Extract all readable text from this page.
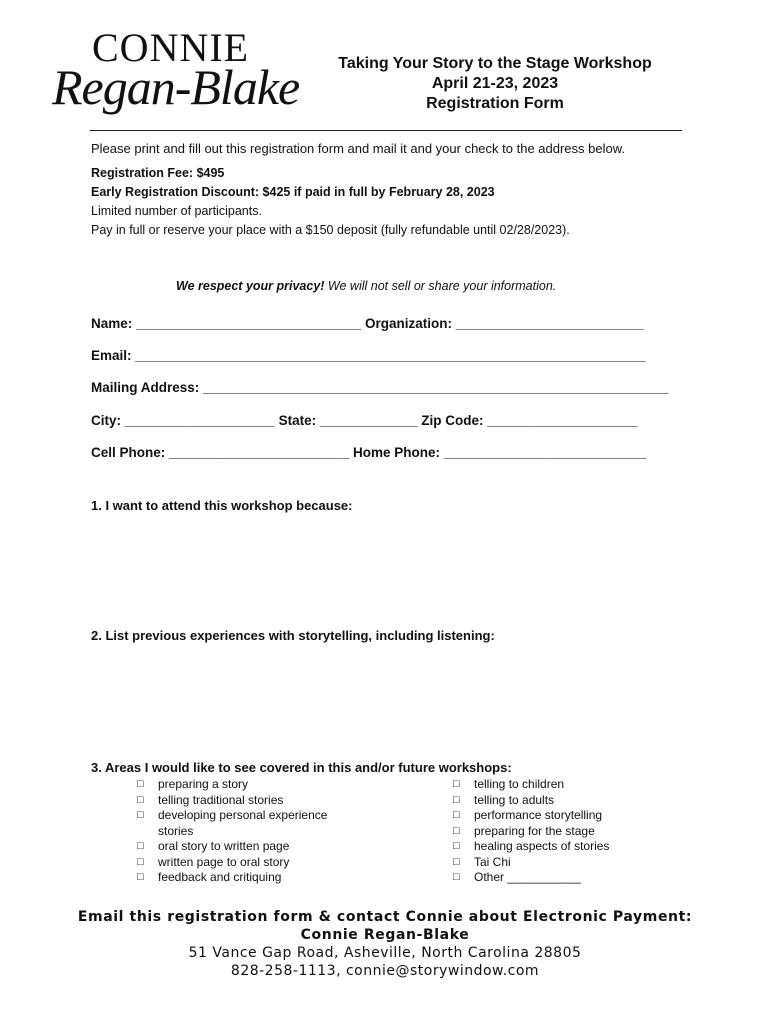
CONNIE
Regan-Blake	Taking Your Story to the Stage Workshop
April 21-23, 2023
Registration Form
Please print and fill out this registration form and mail it and your check to the address below.
Registration Fee: $495
Early Registration Discount: $425 if paid in full by February 28, 2023
Limited number of participants.
Pay in full or reserve your place with a $150 deposit (fully refundable until 02/28/2023).
We respect your privacy! We will not sell or share your information.
Name: ______________________________ Organization: _________________________
Email: ____________________________________________________________________
Mailing Address: ______________________________________________________________
City: ____________________ State: _____________ Zip Code: ____________________
Cell Phone: ________________________ Home Phone: ___________________________
1. I want to attend this workshop because:
2. List previous experiences with storytelling, including listening:
3. Areas I would like to see covered in this and/or future workshops:
□	preparing a story
□	telling traditional stories
□	developing personal experience stories
□	oral story to written page
□	written page to oral story
□	feedback and critiquing
□	telling to children
□	telling to adults
□	performance storytelling
□	preparing for the stage
□	healing aspects of stories
□	Tai Chi
□	Other ___________
Email this registration form & contact Connie about Electronic Payment:
Connie Regan-Blake
51 Vance Gap Road, Asheville, North Carolina 28805
828-258-1113, connie@storywindow.com
